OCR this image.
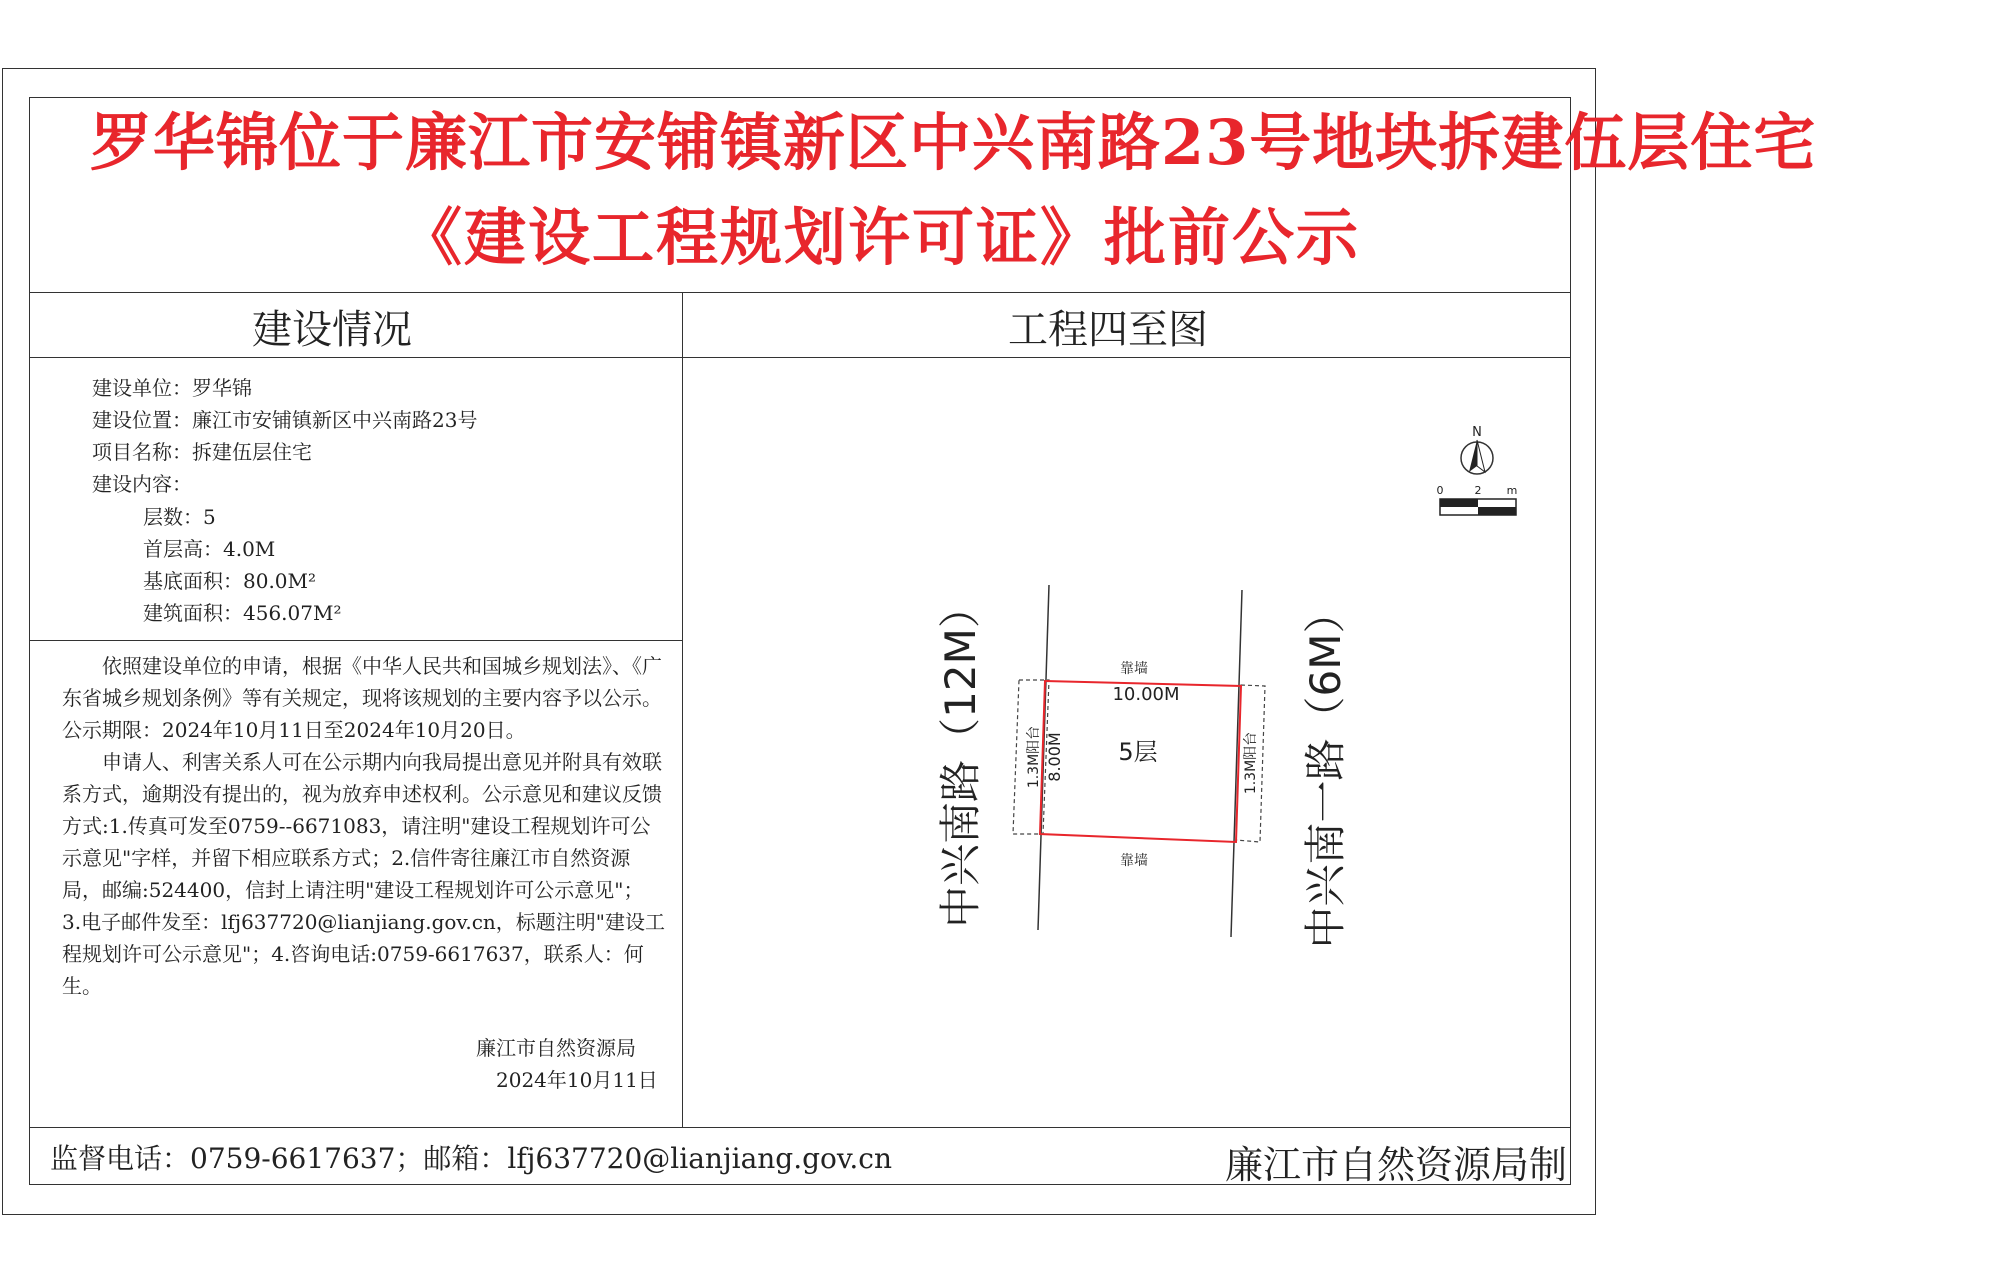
罗华锦位于廉江市安铺镇新区中兴南路23号地块拆建伍层住宅
《建设工程规划许可证》批前公示
建设情况	工程四至图
建设单位：罗华锦
建设位置：廉江市安铺镇新区中兴南路23号
项目名称：拆建伍层住宅
建设内容：
层数：5
首层高：4.0M
基底面积：80.0M²
建筑面积：456.07M²

依照建设单位的申请，根据《中华人民共和国城乡规划法》、《广东省城乡规划条例》等有关规定，现将该规划的主要内容予以公示。公示期限：2024年10月11日至2024年10月20日。

申请人、利害关系人可在公示期内向我局提出意见并附具有效联系方式，逾期没有提出的，视为放弃申述权利。公示意见和建议反馈方式:1.传真可发至0759--6671083，请注明"建设工程规划许可公示意见"字样，并留下相应联系方式；2.信件寄往廉江市自然资源局，邮编:524400，信封上请注明"建设工程规划许可公示意见"； 3.电子邮件发至：lfj637720@lianjiang.gov.cn，标题注明"建设工程规划许可公示意见"；4.咨询电话:0759-6617637，联系人：何生。

廉江市自然资源局
2024年10月11日
N
0	2 m
靠墙
10.00M
5层
靠墙
8.00M
1.3M阳台	1.3M阳台
中兴南路（12M）	中兴南一路（6M）
监督电话：0759-6617637；邮箱：lfj637720@lianjiang.gov.cn	廉江市自然资源局制
